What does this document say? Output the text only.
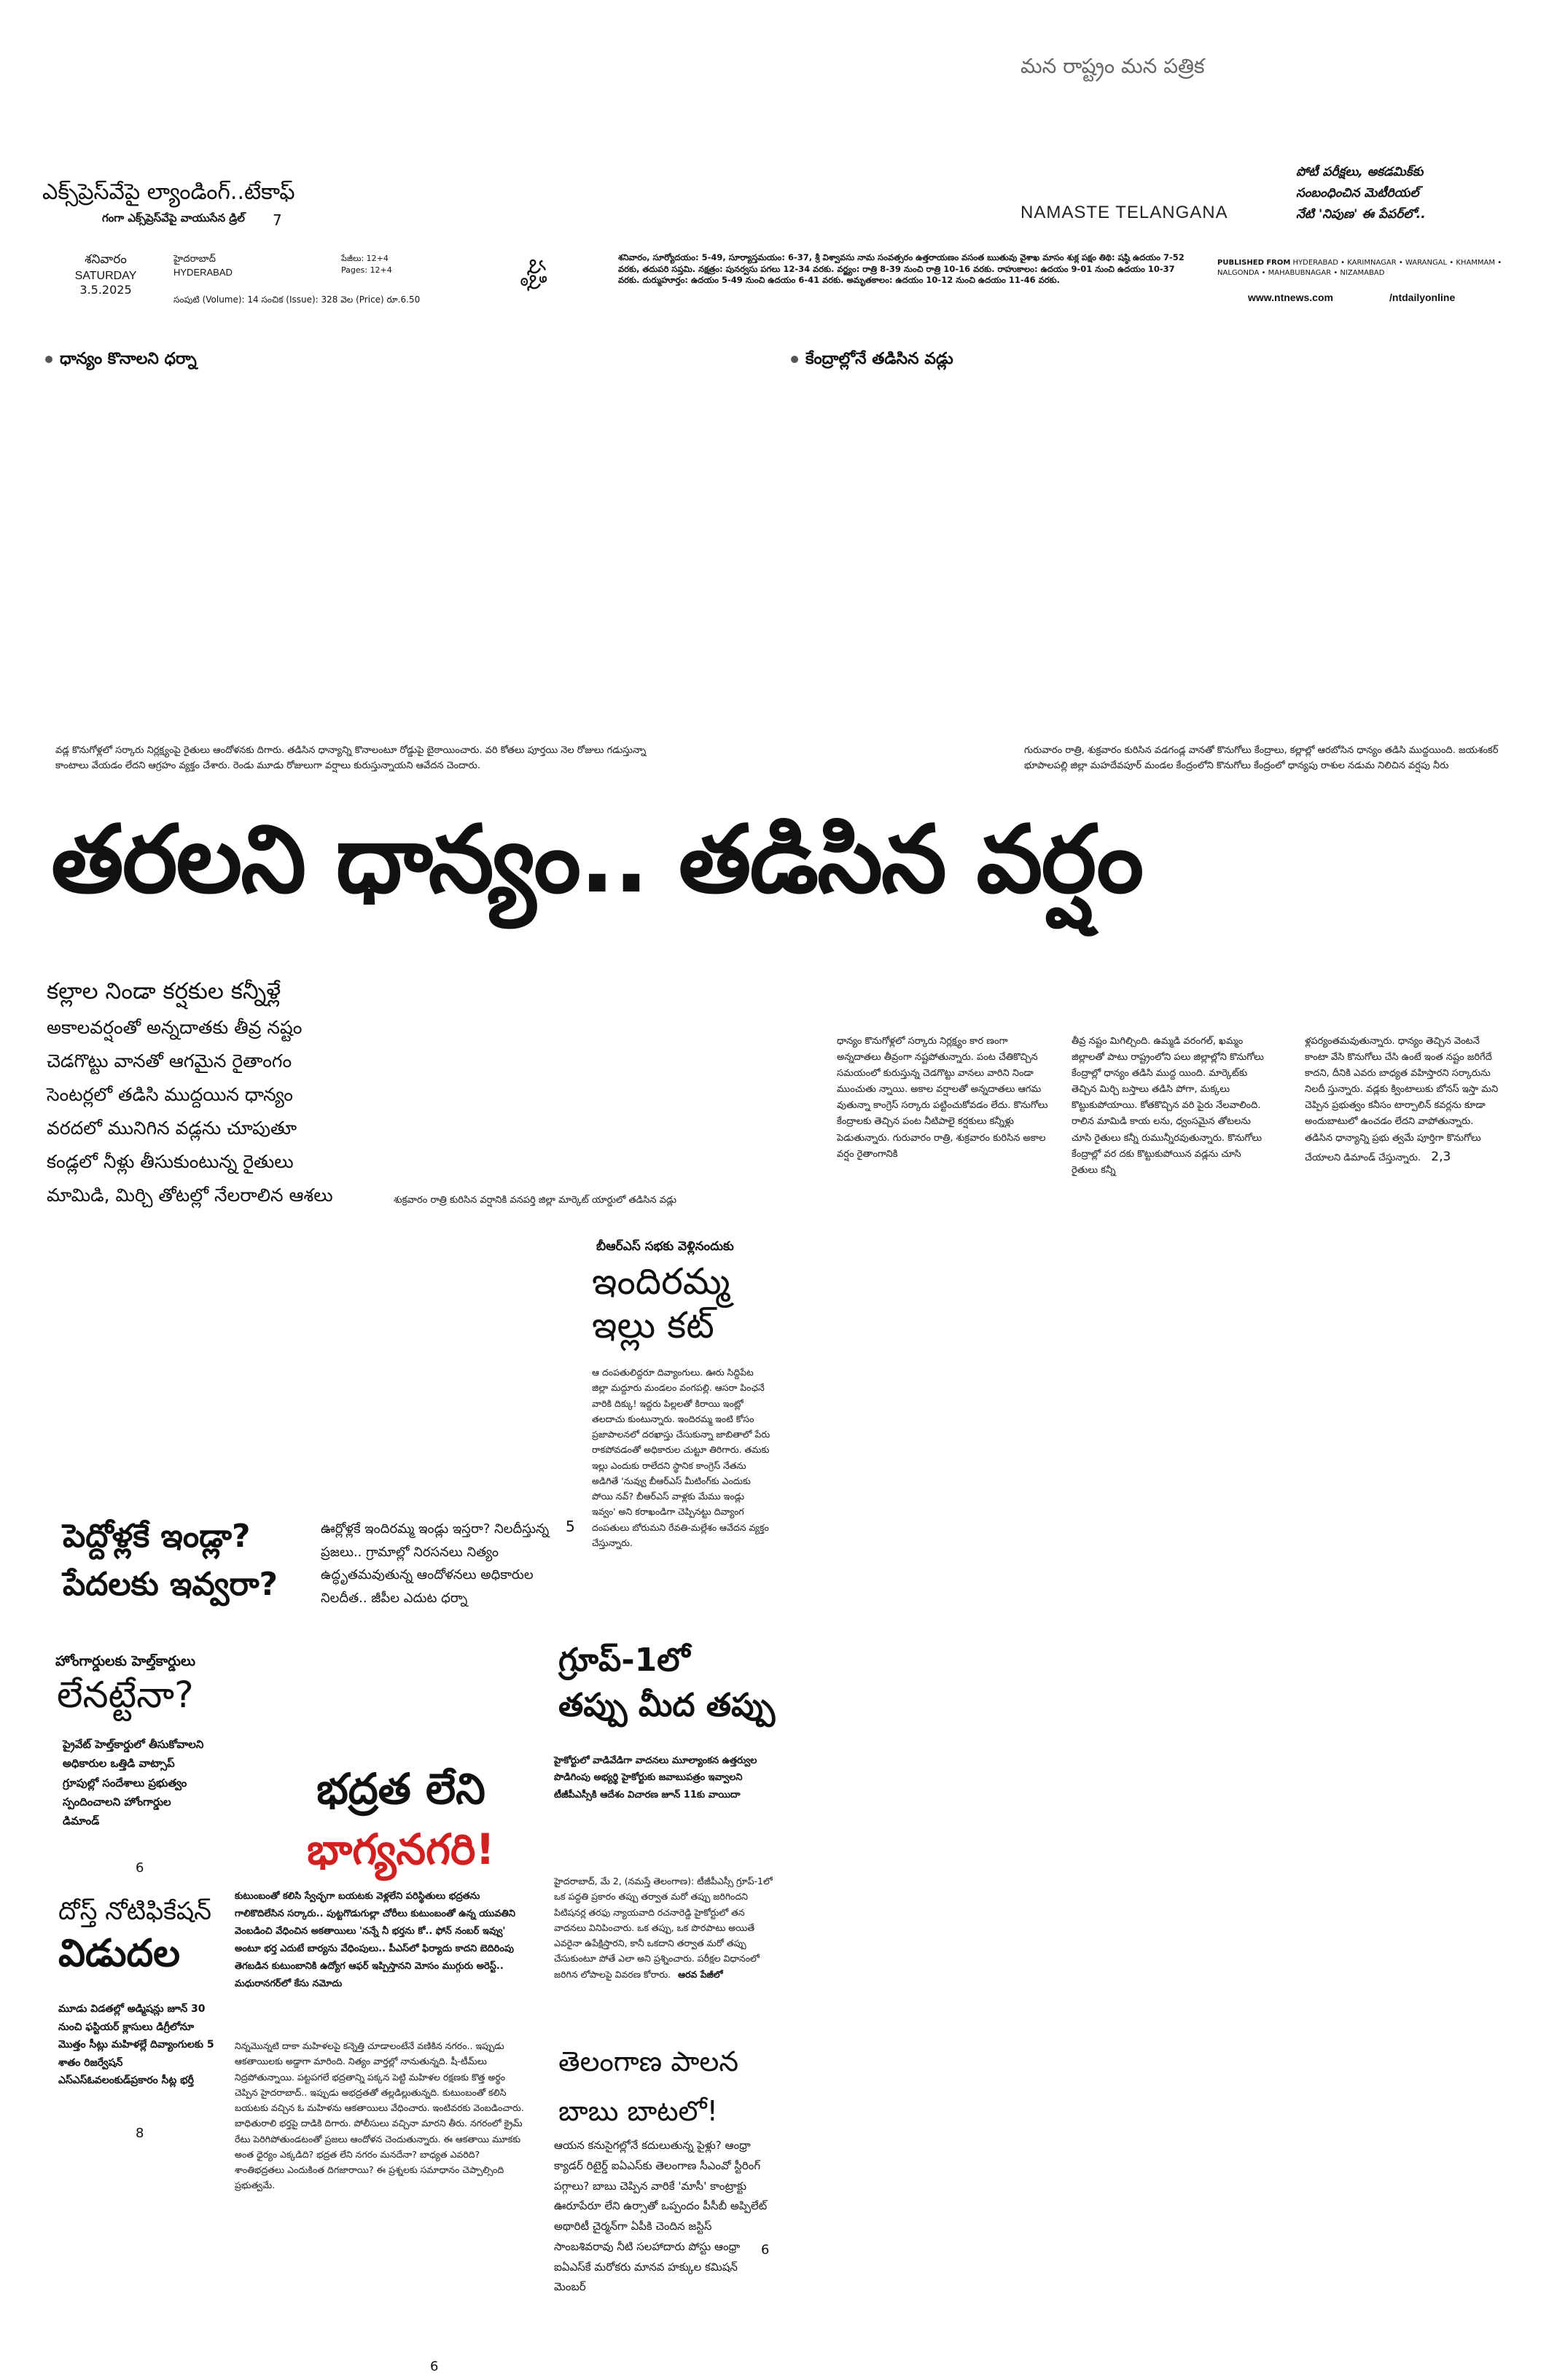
మన రాష్ట్రం మన పత్రిక
ఎక్స్‌ప్రెస్‌వేపై ల్యాండింగ్..టేకాఫ్
గంగా ఎక్స్‌ప్రెస్‌వేపై వాయుసేన డ్రిల్ 7	NAMASTE TELANGANA
పోటీ పరీక్షలు, అకడమిక్‌కు
సంబంధించిన మెటీరియల్
నేటి 'నిపుణ' ఈ పేపర్‌లో..
శనివారం
SATURDAY
3.5.2025
హైదరాబాద్
HYDERABAD
పేజీలు: 12+4
Pages: 12+4
సంపుటి (Volume): 14 సంచిక (Issue): 328 వెల (Price) రూ.6.50
షష్ఠి
శనివారం, సూర్యోదయం: 5-49, సూర్యాస్తమయం: 6-37, శ్రీ విశ్వావసు నామ సంవత్సరం ఉత్తరాయణం వసంత ఋతువు వైశాఖ మాసం శుక్ల పక్షం తిథి: షష్ఠి ఉదయం 7-52 వరకు, తదుపరి సప్తమి. నక్షత్రం: పునర్వసు పగలు 12-34 వరకు. వర్జ్యం: రాత్రి 8-39 నుంచి రాత్రి 10-16 వరకు. రాహుకాలం: ఉదయం 9-01 నుంచి ఉదయం 10-37 వరకు. దుర్ముహూర్తం: ఉదయం 5-49 నుంచి ఉదయం 6-41 వరకు. అమృతకాలం: ఉదయం 10-12 నుంచి ఉదయం 11-46 వరకు.
PUBLISHED FROM HYDERABAD • KARIMNAGAR • WARANGAL • KHAMMAM • NALGONDA • MAHABUBNAGAR • NIZAMABAD
www.ntnews.com	/ntdailyonline
ధాన్యం కొనాలని ధర్నా	కేంద్రాల్లోనే తడిసిన వడ్లు
వడ్ల కొనుగోళ్లలో సర్కారు నిర్లక్ష్యంపై రైతులు ఆందోళనకు దిగారు. తడిసిన ధాన్యాన్ని కొనాలంటూ రోడ్డుపై బైఠాయించారు. వరి కోతలు పూర్తయి నెల రోజులు గడుస్తున్నా కాంటాలు వేయడం లేదని ఆగ్రహం వ్యక్తం చేశారు. రెండు మూడు రోజులుగా వర్షాలు కురుస్తున్నాయని ఆవేదన చెందారు.
గురువారం రాత్రి, శుక్రవారం కురిసిన వడగండ్ల వానతో కొనుగోలు కేంద్రాలు, కల్లాల్లో ఆరబోసిన ధాన్యం తడిసి ముద్దయింది. జయశంకర్ భూపాలపల్లి జిల్లా మహదేవపూర్ మండల కేంద్రంలోని కొనుగోలు కేంద్రంలో ధాన్యపు రాశుల నడుమ నిలిచిన వర్షపు నీరు
తరలని ధాన్యం.. తడిసిన వర్షం
కల్లాల నిండా కర్షకుల కన్నీళ్లే
అకాలవర్షంతో అన్నదాతకు తీవ్ర నష్టం
చెడగొట్టు వానతో ఆగమైన రైతాంగం
సెంటర్లలో తడిసి ముద్దయిన ధాన్యం
వరదలో మునిగిన వడ్లను చూపుతూ
కండ్లలో నీళ్లు తీసుకుంటున్న రైతులు
మామిడి, మిర్చి తోటల్లో నేలరాలిన ఆశలు	శుక్రవారం రాత్రి కురిసిన వర్షానికి వనపర్తి జిల్లా మార్కెట్ యార్డులో తడిసిన వడ్లు
ధాన్యం కొనుగోళ్లలో సర్కారు నిర్లక్ష్యం కార ణంగా అన్నదాతలు తీవ్రంగా నష్టపోతున్నారు. పంట చేతికొచ్చిన సమయంలో కురుస్తున్న చెడగొట్టు వానలు వారిని నిండా ముంచుతు న్నాయి. అకాల వర్షాలతో అన్నదాతలు ఆగమ వుతున్నా కాంగ్రెస్ సర్కారు పట్టించుకోవడం లేదు. కొనుగోలు కేంద్రాలకు తెచ్చిన పంట నీటిపాలై కర్షకులు కన్నీళ్లు పెడుతున్నారు. గురువారం రాత్రి, శుక్రవారం కురిసిన అకాల వర్షం రైతాంగానికి
తీవ్ర నష్టం మిగిల్చింది. ఉమ్మడి వరంగల్, ఖమ్మం జిల్లాలతో పాటు రాష్ట్రంలోని పలు జిల్లాల్లోని కొనుగోలు కేంద్రాల్లో ధాన్యం తడిసి ముద్ద యింది. మార్కెట్‌కు తెచ్చిన మిర్చి బస్తాలు తడిసి పోగా, మక్కలు కొట్టుకుపోయాయి. కోతకొచ్చిన వరి పైరు నేలవాలింది. రాలిన మామిడి కాయ లను, ధ్వంసమైన తోటలను చూసి రైతులు కన్నీ రుమున్నీరవుతున్నారు. కొనుగోలు కేంద్రాల్లో వర దకు కొట్టుకుపోయిన వడ్లను చూసి రైతులు కన్నీ
ళ్లపర్యంతమవుతున్నారు. ధాన్యం తెచ్చిన వెంటనే కాంటా వేసి కొనుగోలు చేసి ఉంటే ఇంత నష్టం జరిగేదే కాదని, దీనికి ఎవరు బాధ్యత వహిస్తారని సర్కారును నిలదీ స్తున్నారు. వడ్లకు క్వింటాలుకు బోనస్ ఇస్తా మని చెప్పిన ప్రభుత్వం కనీసం టార్పాలిన్ కవర్లను కూడా అందుబాటులో ఉంచడం లేదని వాపోతున్నారు. తడిసిన ధాన్యాన్ని ప్రభు త్వమే పూర్తిగా కొనుగోలు చేయాలని డిమాండ్ చేస్తున్నారు. 2,3
బీఆర్ఎస్ సభకు వెళ్లినందుకు
ఇందిరమ్మ ఇల్లు కట్
ఆ దంపతులిద్దరూ దివ్యాంగులు. ఊరు సిద్దిపేట జిల్లా మద్దూరు మండలం వంగపల్లి. ఆసరా పింఛనే వారికి దిక్కు! ఇద్దరు పిల్లలతో కిరాయి ఇంట్లో తలదాచు కుంటున్నారు. ఇందిరమ్మ ఇంటి కోసం ప్రజాపాలనలో దరఖాస్తు చేసుకున్నా జాబితాలో పేరు రాకపోవడంతో అధికారుల చుట్టూ తిరిగారు. తమకు ఇల్లు ఎందుకు రాలేదని స్థానిక కాంగ్రెస్ నేతను అడిగితే 'నువ్వు బీఆర్ఎస్ మీటింగ్‌కు ఎందుకు పోయి నవ్? బీఆర్ఎస్ వాళ్లకు మేము ఇండ్లు ఇవ్వం' అని కరాఖండిగా చెప్పినట్టు దివ్యాంగ దంపతులు బోరుమని రేవతి-మల్లేశం ఆవేదన వ్యక్తం చేస్తున్నారు.
పెద్దోళ్లకే ఇండ్లా?
పేదలకు ఇవ్వరా?
ఊర్లోళ్లకే ఇందిరమ్మ ఇండ్లు ఇస్తరా? నిలదీస్తున్న ప్రజలు.. గ్రామాల్లో నిరసనలు నిత్యం ఉద్ధృతమవుతున్న ఆందోళనలు అధికారుల నిలదీత.. జీపీల ఎదుట ధర్నా
5
హోంగార్డులకు హెల్త్‌కార్డులు
లేనట్టేనా?
ప్రైవేట్ హెల్త్‌కార్డులో తీసుకోవాలని అధికారుల ఒత్తిడి వాట్సాప్ గ్రూపుల్లో సందేశాలు ప్రభుత్వం స్పందించాలని హోంగార్డుల డిమాండ్
6
దోస్త్ నోటిఫికేషన్
విడుదల
మూడు విడతల్లో అడ్మిషన్లు జూన్ 30 నుంచి ఫస్టియర్ క్లాసులు డిగ్రీలోనూ మొత్తం సీట్లు మహిళల్లే దివ్యాంగులకు 5 శాతం రిజర్వేషన్ ఎస్ఎస్‌ఓవలంకుడ్‌ప్రకారం సీట్ల భర్తీ
8
భద్రత లేని
భాగ్యనగరి!
కుటుంబంతో కలిసి స్వేచ్ఛగా బయటకు వెళ్లలేని పరిస్థితులు భద్రతను గాలికొదిలేసిన సర్కారు.. పుట్టగొడుగుల్లా చోరీలు కుటుంబంతో ఉన్న యువతిని వెంబడించి వేధించిన అకతాయిలు 'నన్నే నీ భర్తను కో.. ఫోన్ నంబర్ ఇవ్వు' అంటూ భర్త ఎదుటే బార్యను వేధింపులు.. పీఎస్‌లో ఫిర్యాదు కాదని బెదిరింపు తెగబడిన కుటుంబానికి ఉద్యోగ ఆఫర్ ఇప్పిస్తానని మోసం ముగ్గురు అరెస్ట్.. మధురానగర్‌లో కేసు నమోదు
నిన్నమొన్నటి దాకా మహిళలపై కన్నెత్తి చూడాలంటేనే వణికిన నగరం.. ఇప్పుడు ఆకతాయిలకు అడ్డాగా మారింది. నిత్యం వార్తల్లో నానుతున్నది. షీ-టీమ్‌లు నిద్రపోతున్నాయి. పట్టపగలే భద్రతాన్ని పక్కన పెట్టి మహిళల రక్షణకు కొత్త అర్థం చెప్పిన హైదరాబాద్.. ఇప్పుడు అభద్రతతో తల్లడిల్లుతున్నది. కుటుంబంతో కలిసి బయటకు వచ్చిన ఓ మహిళను ఆకతాయిలు వేధించారు. ఇంటివరకు వెంబడించారు. బాధితురాలి భర్తపై దాడికి దిగారు. పోలీసులు వచ్చినా మారని తీరు. నగరంలో క్రైమ్ రేటు పెరిగిపోతుండటంతో ప్రజలు ఆందోళన చెందుతున్నారు. ఈ ఆకతాయి మూకకు అంత ధైర్యం ఎక్కడిది? భద్రత లేని నగరం మనదేనా? బాధ్యత ఎవరిది? శాంతిభద్రతలు ఎందుకింత దిగజారాయి? ఈ ప్రశ్నలకు సమాధానం చెప్పాల్సింది ప్రభుత్వమే.
6
గ్రూప్-1లో
తప్పు మీద తప్పు
హైకోర్టులో వాడివేడిగా వాదనలు మూల్యాంకన ఉత్తర్వుల పొడిగింపు అభ్యర్థి హైకోర్టుకు జవాబుపత్రం ఇవ్వాలని టీజీపీఎస్సీకి ఆదేశం విచారణ జూన్ 11కు వాయిదా
హైదరాబాద్, మే 2, (నమస్తే తెలంగాణ): టీజీపీఎస్సీ గ్రూప్-1లో ఒక పద్ధతి ప్రకారం తప్పు తర్వాత మరో తప్పు జరిగిందని పిటిషనర్ల తరఫు న్యాయవాది రచనారెడ్డి హైకోర్టులో తన వాదనలు వినిపించారు. ఒక తప్పు, ఒక పొరపాటు అయితే ఎవరైనా ఉపేక్షిస్తారని, కానీ ఒకదాని తర్వాత మరో తప్పు చేసుకుంటూ పోతే ఎలా అని ప్రశ్నించారు. పరీక్షల విధానంలో జరిగిన లోపాలపై వివరణ కోరారు. ఆరవ పేజీలో
తెలంగాణ పాలన
బాబు బాటలో!
ఆయన కనుసైగల్లోనే కదులుతున్న పైళ్లు? ఆంధ్రా క్యాడర్ రిటైర్డ్ ఐఏఎస్‌కు తెలంగాణ సీఎంవో స్టీరింగ్ పగ్గాలు? బాబు చెప్పిన వారికే 'మాసీ' కాంట్రాక్టు ఊరూపేరూ లేని ఉర్సాతో ఒప్పందం పీసీబీ అప్పిలేట్ అథారిటీ చైర్మన్‌గా ఏపీకి చెందిన జస్టిస్ సాంబశివరావు నీటి సలహాదారు పోస్టు ఆంధ్రా ఐఏఎస్‌కే మరోకరు మానవ హక్కుల కమిషన్ మెంబర్
6
